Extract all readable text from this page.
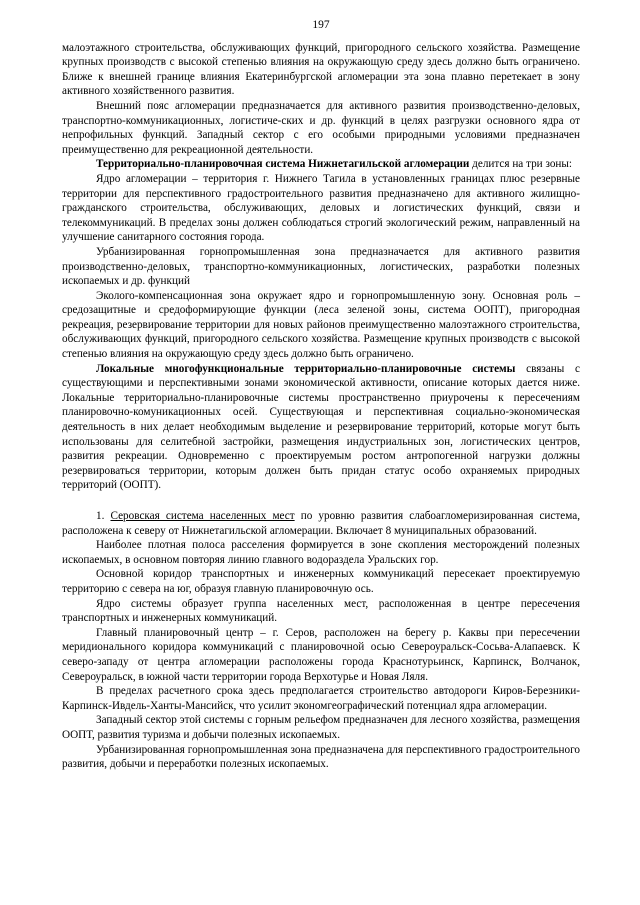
197

малоэтажного строительства, обслуживающих функций, пригородного сельского хозяйства. Размещение крупных производств с высокой степенью влияния на окружающую среду здесь должно быть ограничено. Ближе к внешней границе влияния Екатеринбургской агломерации эта зона плавно перетекает в зону активного хозяйственного развития.

Внешний пояс агломерации предназначается для активного развития производственно-деловых, транспортно-коммуникационных, логистиче-ских и др. функций в целях разгрузки основного ядра от непрофильных функций. Западный сектор с его особыми природными условиями предназначен преимущественно для рекреационной деятельности.

Территориально-планировочная система Нижнетагильской агломерации делится на три зоны:

Ядро агломерации – территория г. Нижнего Тагила в установленных границах плюс резервные территории для перспективного градостроительного развития предназначено для активного жилищно-гражданского строительства, обслуживающих, деловых и логистических функций, связи и телекоммуникаций. В пределах зоны должен соблюдаться строгий экологический режим, направленный на улучшение санитарного состояния города.

Урбанизированная горнопромышленная зона предназначается для активного развития производственно-деловых, транспортно-коммуникационных, логистических, разработки полезных ископаемых и др. функций

Эколого-компенсационная зона окружает ядро и горнопромышленную зону. Основная роль – средозащитные и средоформирующие функции (леса зеленой зоны, система ООПТ), пригородная рекреация, резервирование территории для новых районов преимущественно малоэтажного строительства, обслуживающих функций, пригородного сельского хозяйства. Размещение крупных производств с высокой степенью влияния на окружающую среду здесь должно быть ограничено.

Локальные многофункциональные территориально-планировочные системы связаны с существующими и перспективными зонами экономической активности, описание которых дается ниже. Локальные территориально-планировочные системы пространственно приурочены к пересечениям планировочно-комуникационных осей. Существующая и перспективная социально-экономическая деятельность в них делает необходимым выделение и резервирование территорий, которые могут быть использованы для селитебной застройки, размещения индустриальных зон, логистических центров, развития рекреации. Одновременно с проектируемым ростом антропогенной нагрузки должны резервироваться территории, которым должен быть придан статус особо охраняемых природных территорий (ООПТ).

1. Серовская система населенных мест по уровню развития слабоагломеризированная система, расположена к северу от Нижнетагильской агломерации. Включает 8 муниципальных образований.

Наиболее плотная полоса расселения формируется в зоне скопления месторождений полезных ископаемых, в основном повторяя линию главного водораздела Уральских гор.

Основной коридор транспортных и инженерных коммуникаций пересекает проектируемую территорию с севера на юг, образуя главную планировочную ось.

Ядро системы образует группа населенных мест, расположенная в центре пересечения транспортных и инженерных коммуникаций.

Главный планировочный центр – г. Серов, расположен на берегу р. Каквы при пересечении меридионального коридора коммуникаций с планировочной осью Североуральск-Сосьва-Алапаевск. К северо-западу от центра агломерации расположены города Краснотурьинск, Карпинск, Волчанок, Североуральск, в южной части территории города Верхотурье и Новая Ляля.

В пределах расчетного срока здесь предполагается строительство автодороги Киров-Березники-Карпинск-Ивдель-Ханты-Мансийск, что усилит экономгеографический потенциал ядра агломерации.

Западный сектор этой системы с горным рельефом предназначен для лесного хозяйства, размещения ООПТ, развития туризма и добычи полезных ископаемых.

Урбанизированная горнопромышленная зона предназначена для перспективного градостроительного развития, добычи и переработки полезных ископаемых.
